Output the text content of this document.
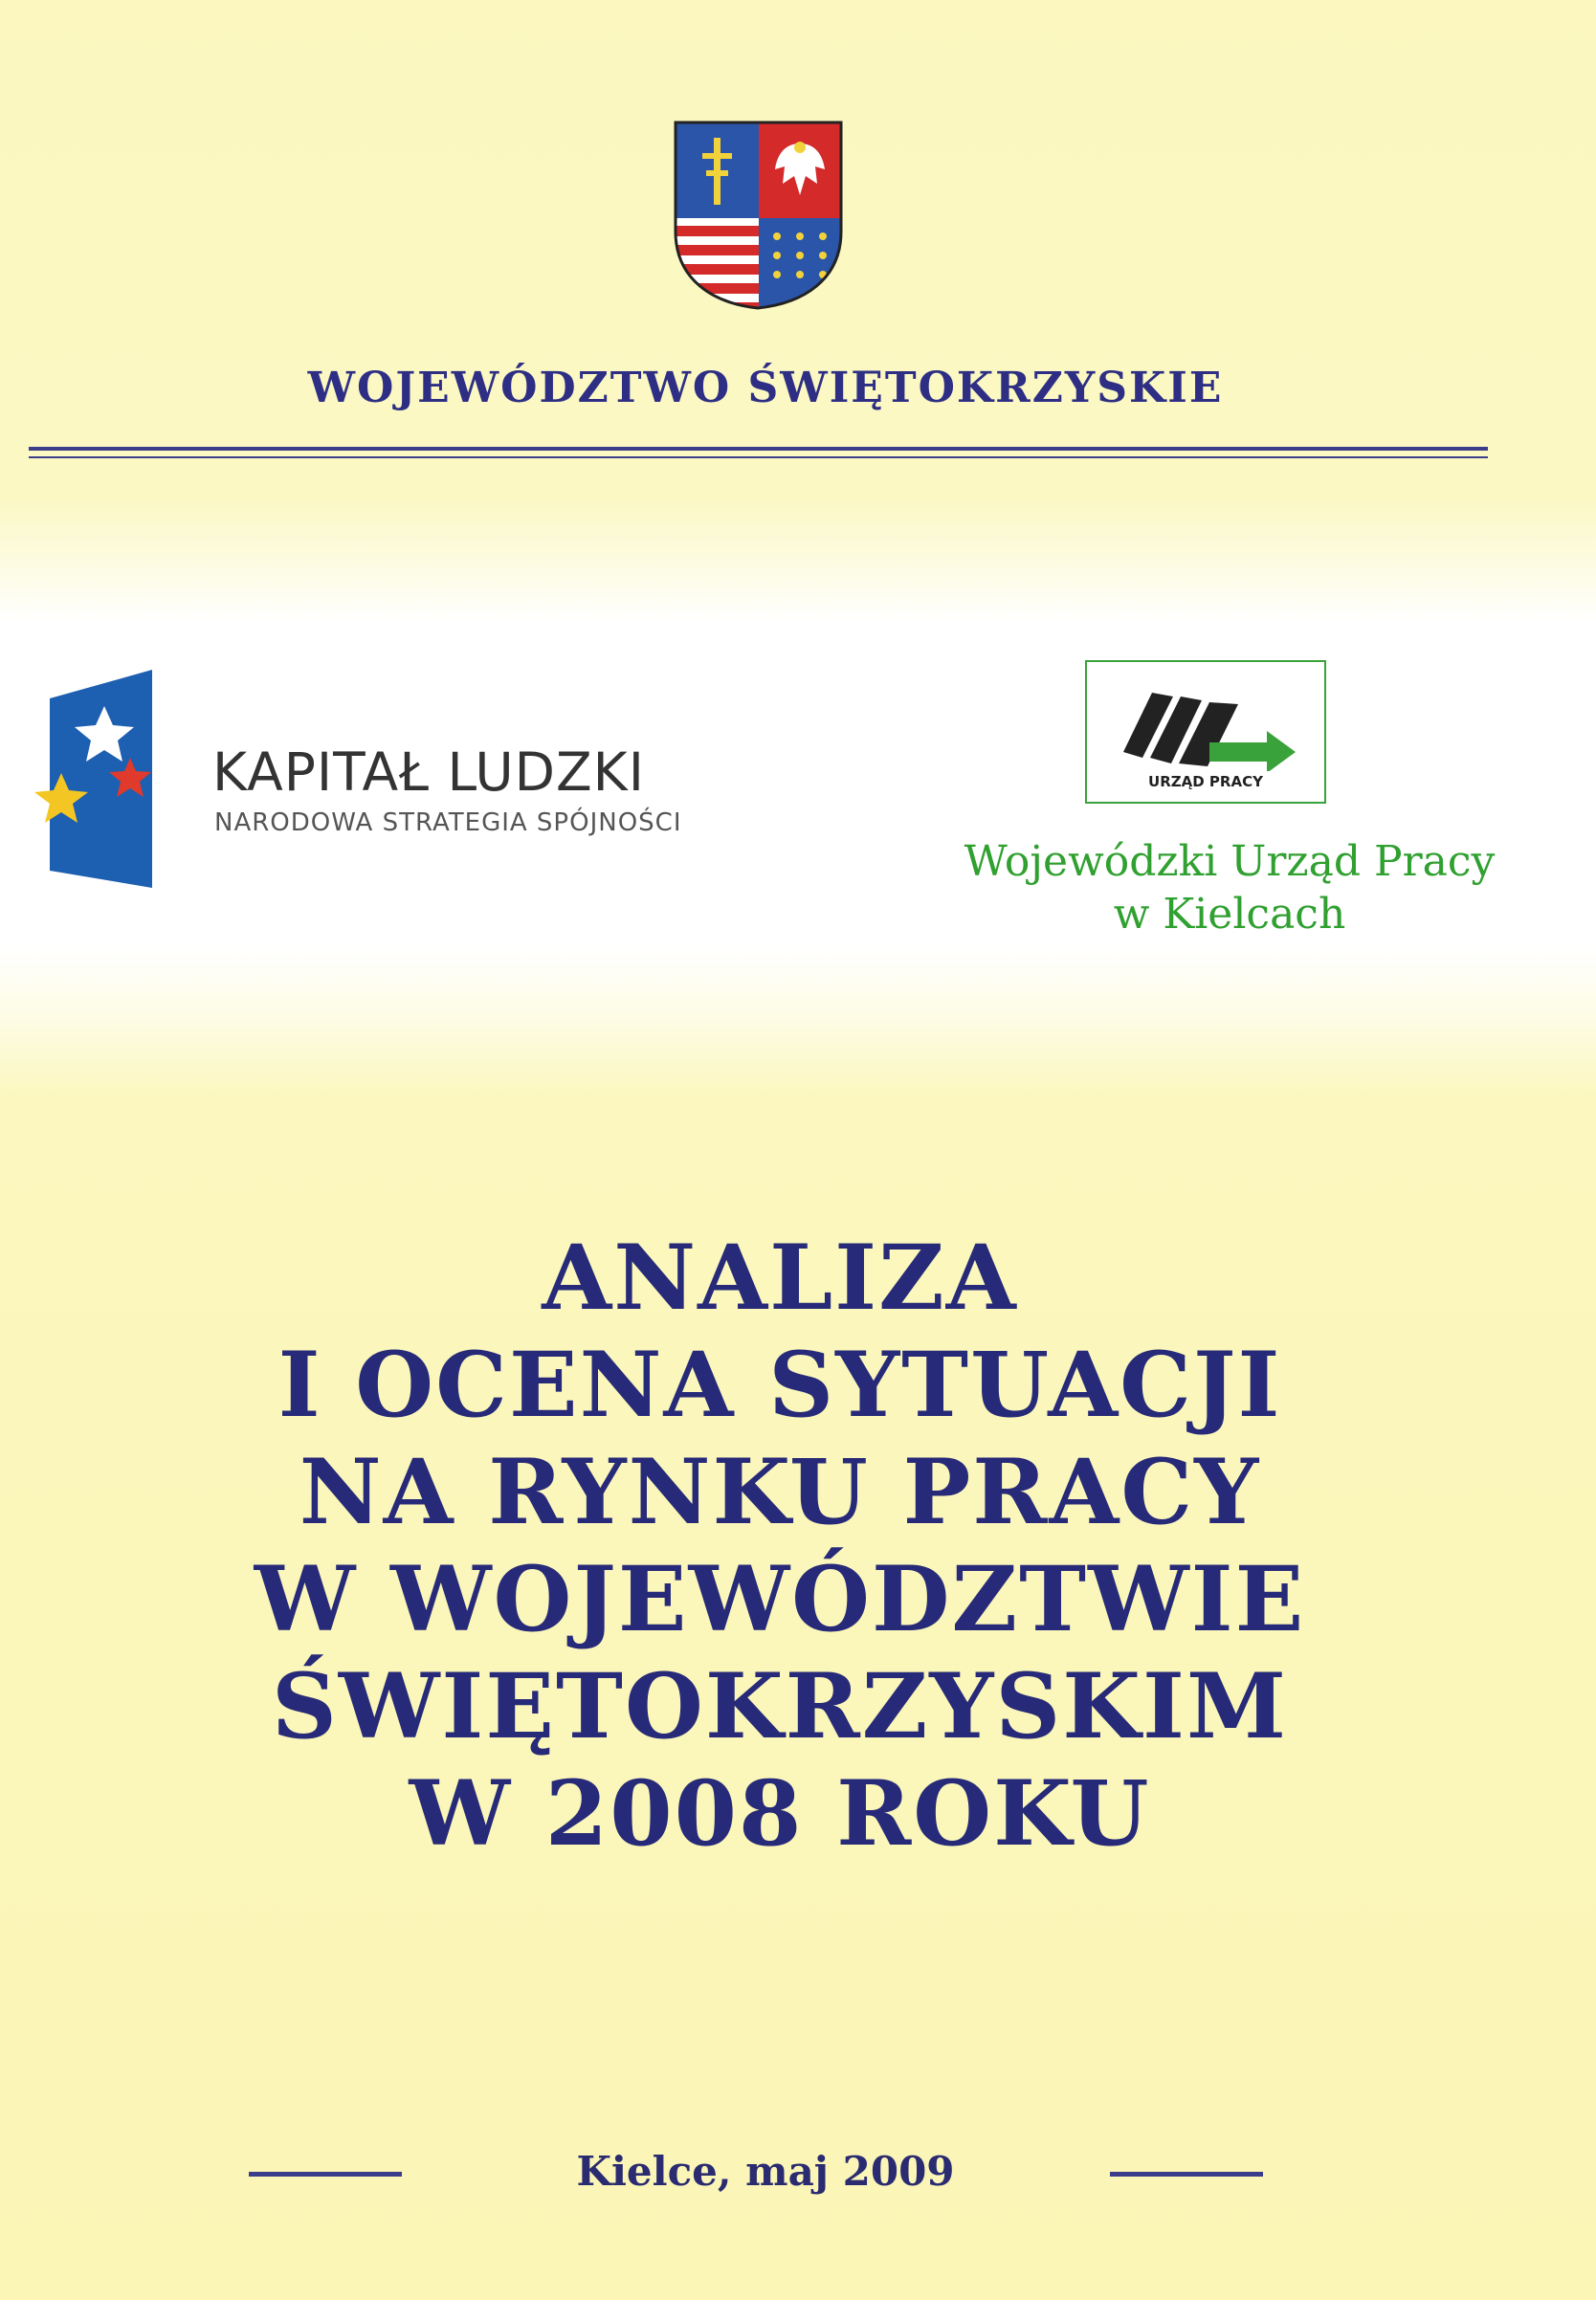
WOJEWÓDZTWO ŚWIĘTOKRZYSKIE
KAPITAŁ LUDZKI
NARODOWA STRATEGIA SPÓJNOŚCI
URZĄD PRACY
Wojewódzki Urząd Pracy
w Kielcach
ANALIZA
I OCENA SYTUACJI
NA RYNKU PRACY
W WOJEWÓDZTWIE
ŚWIĘTOKRZYSKIM
W 2008 ROKU
Kielce, maj 2009
